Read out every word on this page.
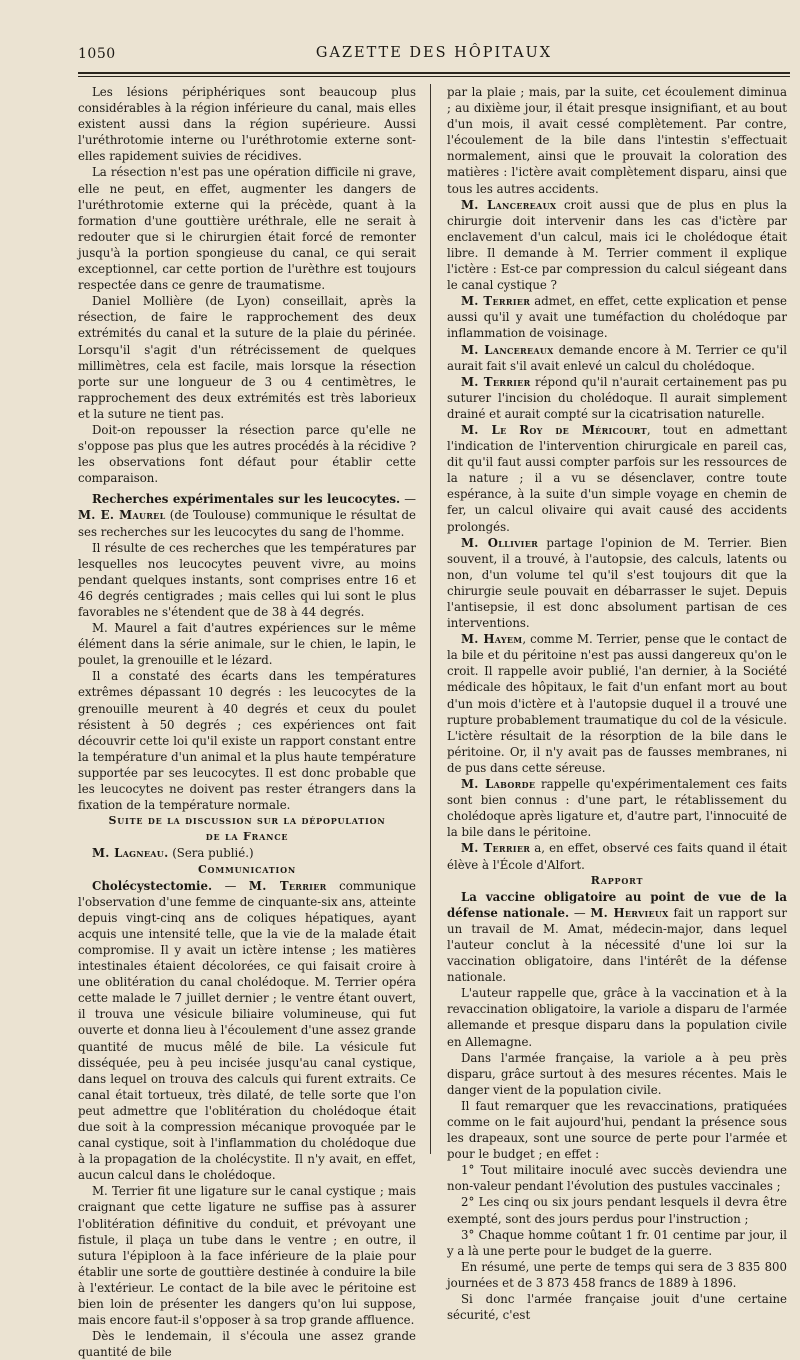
1050	GAZETTE DES HÔPITAUX

Les lésions périphériques sont beaucoup plus considérables à la région inférieure du canal, mais elles existent aussi dans la région supérieure. Aussi l'uréthrotomie interne ou l'uréthrotomie externe sont-elles rapidement suivies de récidives.

La résection n'est pas une opération difficile ni grave, elle ne peut, en effet, augmenter les dangers de l'uréthrotomie externe qui la précède, quant à la formation d'une gouttière uréthrale, elle ne serait à redouter que si le chirurgien était forcé de remonter jusqu'à la portion spongieuse du canal, ce qui serait exceptionnel, car cette portion de l'urèthre est toujours respectée dans ce genre de traumatisme.

Daniel Mollière (de Lyon) conseillait, après la résection, de faire le rapprochement des deux extrémités du canal et la suture de la plaie du périnée. Lorsqu'il s'agit d'un rétrécissement de quelques millimètres, cela est facile, mais lorsque la résection porte sur une longueur de 3 ou 4 centimètres, le rapprochement des deux extrémités est très laborieux et la suture ne tient pas.

Doit-on repousser la résection parce qu'elle ne s'oppose pas plus que les autres procédés à la récidive ? les observations font défaut pour établir cette comparaison.

Recherches expérimentales sur les leucocytes. — M. E. Maurel (de Toulouse) communique le résultat de ses recherches sur les leucocytes du sang de l'homme.

Il résulte de ces recherches que les températures par lesquelles nos leucocytes peuvent vivre, au moins pendant quelques instants, sont comprises entre 16 et 46 degrés centigrades ; mais celles qui lui sont le plus favorables ne s'étendent que de 38 à 44 degrés.

M. Maurel a fait d'autres expériences sur le même élément dans la série animale, sur le chien, le lapin, le poulet, la grenouille et le lézard.

Il a constaté des écarts dans les températures extrêmes dépassant 10 degrés : les leucocytes de la grenouille meurent à 40 degrés et ceux du poulet résistent à 50 degrés ; ces expériences ont fait découvrir cette loi qu'il existe un rapport constant entre la température d'un animal et la plus haute température supportée par ses leucocytes. Il est donc probable que les leucocytes ne doivent pas rester étrangers dans la fixation de la température normale.

Suite de la discussion sur la dépopulation

de la France

M. Lagneau. (Sera publié.)

Communication

Cholécystectomie. — M. Terrier communique l'observation d'une femme de cinquante-six ans, atteinte depuis vingt-cinq ans de coliques hépatiques, ayant acquis une intensité telle, que la vie de la malade était compromise. Il y avait un ictère intense ; les matières intestinales étaient décolorées, ce qui faisait croire à une oblitération du canal cholédoque. M. Terrier opéra cette malade le 7 juillet dernier ; le ventre étant ouvert, il trouva une vésicule biliaire volumineuse, qui fut ouverte et donna lieu à l'écoulement d'une assez grande quantité de mucus mêlé de bile. La vésicule fut disséquée, peu à peu incisée jusqu'au canal cystique, dans lequel on trouva des calculs qui furent extraits. Ce canal était tortueux, très dilaté, de telle sorte que l'on peut admettre que l'oblitération du cholédoque était due soit à la compression mécanique provoquée par le canal cystique, soit à l'inflammation du cholédoque due à la propagation de la cholécystite. Il n'y avait, en effet, aucun calcul dans le cholédoque.

M. Terrier fit une ligature sur le canal cystique ; mais craignant que cette ligature ne suffise pas à assurer l'oblitération définitive du conduit, et prévoyant une fistule, il plaça un tube dans le ventre ; en outre, il sutura l'épiploon à la face inférieure de la plaie pour établir une sorte de gouttière destinée à conduire la bile à l'extérieur. Le contact de la bile avec le péritoine est bien loin de présenter les dangers qu'on lui suppose, mais encore faut-il s'opposer à sa trop grande affluence.

Dès le lendemain, il s'écoula une assez grande quantité de bile

par la plaie ; mais, par la suite, cet écoulement diminua ; au dixième jour, il était presque insignifiant, et au bout d'un mois, il avait cessé complètement. Par contre, l'écoulement de la bile dans l'intestin s'effectuait normalement, ainsi que le prouvait la coloration des matières : l'ictère avait complètement disparu, ainsi que tous les autres accidents.

M. Lancereaux croit aussi que de plus en plus la chirurgie doit intervenir dans les cas d'ictère par enclavement d'un calcul, mais ici le cholédoque était libre. Il demande à M. Terrier comment il explique l'ictère : Est-ce par compression du calcul siégeant dans le canal cystique ?

M. Terrier admet, en effet, cette explication et pense aussi qu'il y avait une tuméfaction du cholédoque par inflammation de voisinage.

M. Lancereaux demande encore à M. Terrier ce qu'il aurait fait s'il avait enlevé un calcul du cholédoque.

M. Terrier répond qu'il n'aurait certainement pas pu suturer l'incision du cholédoque. Il aurait simplement drainé et aurait compté sur la cicatrisation naturelle.

M. Le Roy de Méricourt, tout en admettant l'indication de l'intervention chirurgicale en pareil cas, dit qu'il faut aussi compter parfois sur les ressources de la nature ; il a vu se désenclaver, contre toute espérance, à la suite d'un simple voyage en chemin de fer, un calcul olivaire qui avait causé des accidents prolongés.

M. Ollivier partage l'opinion de M. Terrier. Bien souvent, il a trouvé, à l'autopsie, des calculs, latents ou non, d'un volume tel qu'il s'est toujours dit que la chirurgie seule pouvait en débarrasser le sujet. Depuis l'antisepsie, il est donc absolument partisan de ces interventions.

M. Hayem, comme M. Terrier, pense que le contact de la bile et du péritoine n'est pas aussi dangereux qu'on le croit. Il rappelle avoir publié, l'an dernier, à la Société médicale des hôpitaux, le fait d'un enfant mort au bout d'un mois d'ictère et à l'autopsie duquel il a trouvé une rupture probablement traumatique du col de la vésicule. L'ictère résultait de la résorption de la bile dans le péritoine. Or, il n'y avait pas de fausses membranes, ni de pus dans cette séreuse.

M. Laborde rappelle qu'expérimentalement ces faits sont bien connus : d'une part, le rétablissement du cholédoque après ligature et, d'autre part, l'innocuité de la bile dans le péritoine.

M. Terrier a, en effet, observé ces faits quand il était élève à l'École d'Alfort.

Rapport

La vaccine obligatoire au point de vue de la défense nationale. — M. Hervieux fait un rapport sur un travail de M. Amat, médecin-major, dans lequel l'auteur conclut à la nécessité d'une loi sur la vaccination obligatoire, dans l'intérêt de la défense nationale.

L'auteur rappelle que, grâce à la vaccination et à la revaccination obligatoire, la variole a disparu de l'armée allemande et presque disparu dans la population civile en Allemagne.

Dans l'armée française, la variole a à peu près disparu, grâce surtout à des mesures récentes. Mais le danger vient de la population civile.

Il faut remarquer que les revaccinations, pratiquées comme on le fait aujourd'hui, pendant la présence sous les drapeaux, sont une source de perte pour l'armée et pour le budget ; en effet :

1° Tout militaire inoculé avec succès deviendra une non-valeur pendant l'évolution des pustules vaccinales ;

2° Les cinq ou six jours pendant lesquels il devra être exempté, sont des jours perdus pour l'instruction ;

3° Chaque homme coûtant 1 fr. 01 centime par jour, il y a là une perte pour le budget de la guerre.

En résumé, une perte de temps qui sera de 3 835 800 journées et de 3 873 458 francs de 1889 à 1896.

Si donc l'armée française jouit d'une certaine sécurité, c'est
